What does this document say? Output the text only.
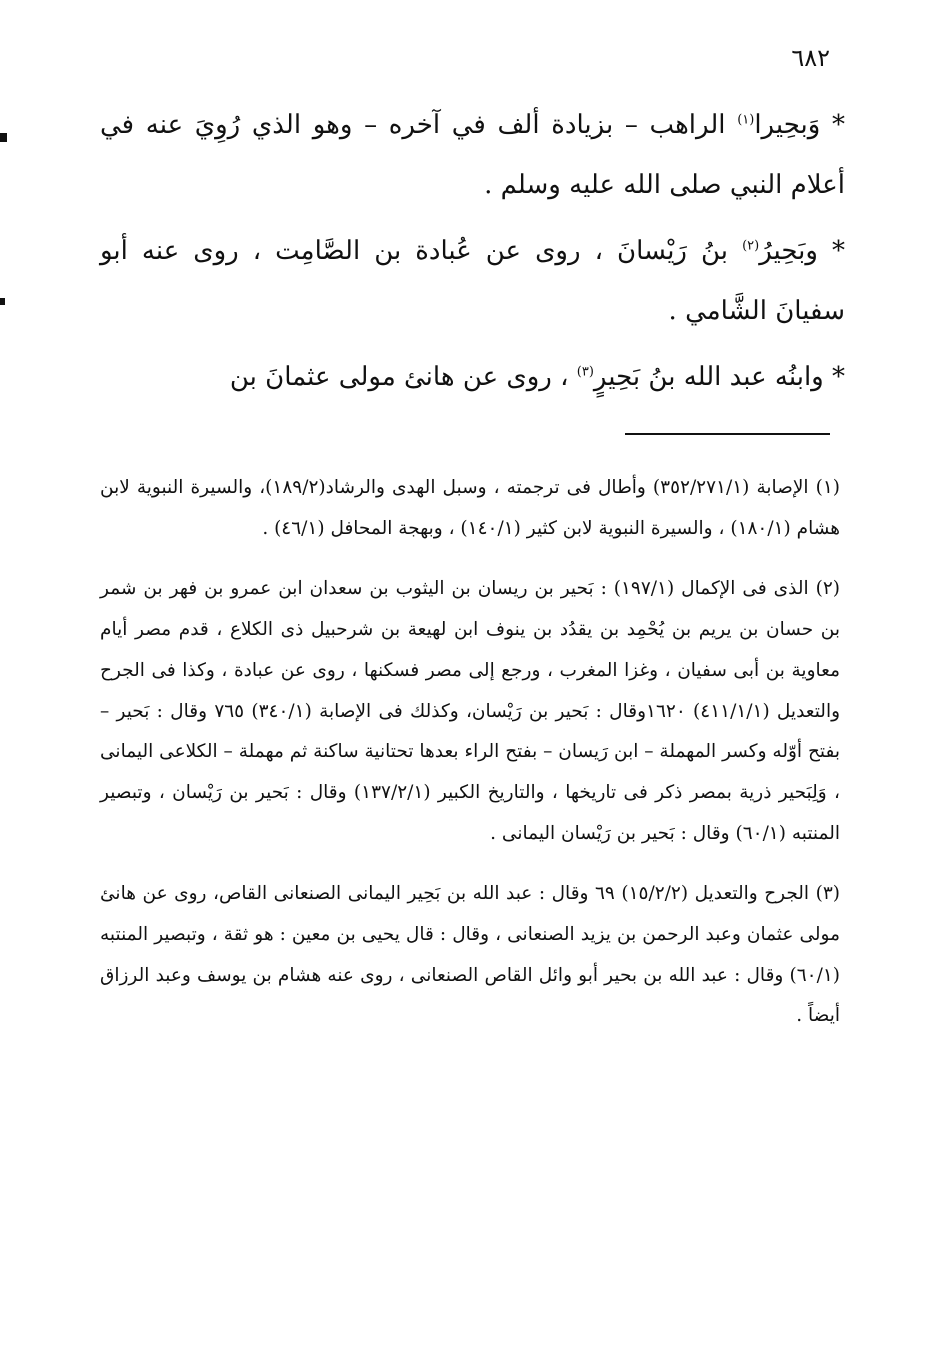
٦٨٢

* وَبحِيرا$^{(١)}$ الراهب – بزيادة ألف في آخره – وهو الذي رُوِيَ عنه في أعلام النبي صلى الله عليه وسلم .

* وبَحِيرُ$^{(٢)}$ بنُ رَيْسانَ ، روى عن عُبادة بن الصَّامِت ، روى عنه أبو سفيانَ الشَّامي .

* وابنُه عبد الله بنُ بَحِيرٍ$^{(٣)}$ ، روى عن هانئ مولى عثمانَ بن

(١) الإصابة (٣٥٢/٢٧١/١) وأطال فى ترجمته ، وسبل الهدى والرشاد(١٨٩/٢)، والسيرة النبوية لابن هشام (١٨٠/١) ، والسيرة النبوية لابن كثير (١٤٠/١) ، وبهجة المحافل (٤٦/١) .

(٢) الذى فى الإكمال (١٩٧/١) : بَحير بن ريسان بن اليثوب بن سعدان ابن عمرو بن فهر بن شمر بن حسان بن يريم بن يُحْمِد بن يقدُد بن ينوف ابن لهيعة بن شرحبيل ذى الكلاع ، قدم مصر أيام معاوية بن أبى سفيان ، وغزا المغرب ، ورجع إلى مصر فسكنها ، روى عن عبادة ، وكذا فى الجرح والتعديل (٤١١/١/١) ١٦٢٠وقال : بَحير بن رَيْسان، وكذلك فى الإصابة (٣٤٠/١) ٧٦٥ وقال : بَحير – بفتح أوّله وكسر المهملة – ابن رَيسان – بفتح الراء بعدها تحتانية ساكنة ثم مهملة – الكلاعى اليمانى ، وَلِبَحير ذرية بمصر ذكر فى تاريخها ، والتاريخ الكبير (١٣٧/٢/١) وقال : بَحير بن رَيْسان ، وتبصير المنتبه (٦٠/١) وقال : بَحير بن رَيْسان اليمانى .

(٣) الجرح والتعديل (١٥/٢/٢) ٦٩ وقال : عبد الله بن بَحِير اليمانى الصنعانى القاص، روى عن هانئ مولى عثمان وعبد الرحمن بن يزيد الصنعانى ، وقال : قال يحيى بن معين : هو ثقة ، وتبصير المنتبه (٦٠/١) وقال : عبد الله بن بحير أبو وائل القاص الصنعانى ، روى عنه هشام بن يوسف وعبد الرزاق أيضاً .
